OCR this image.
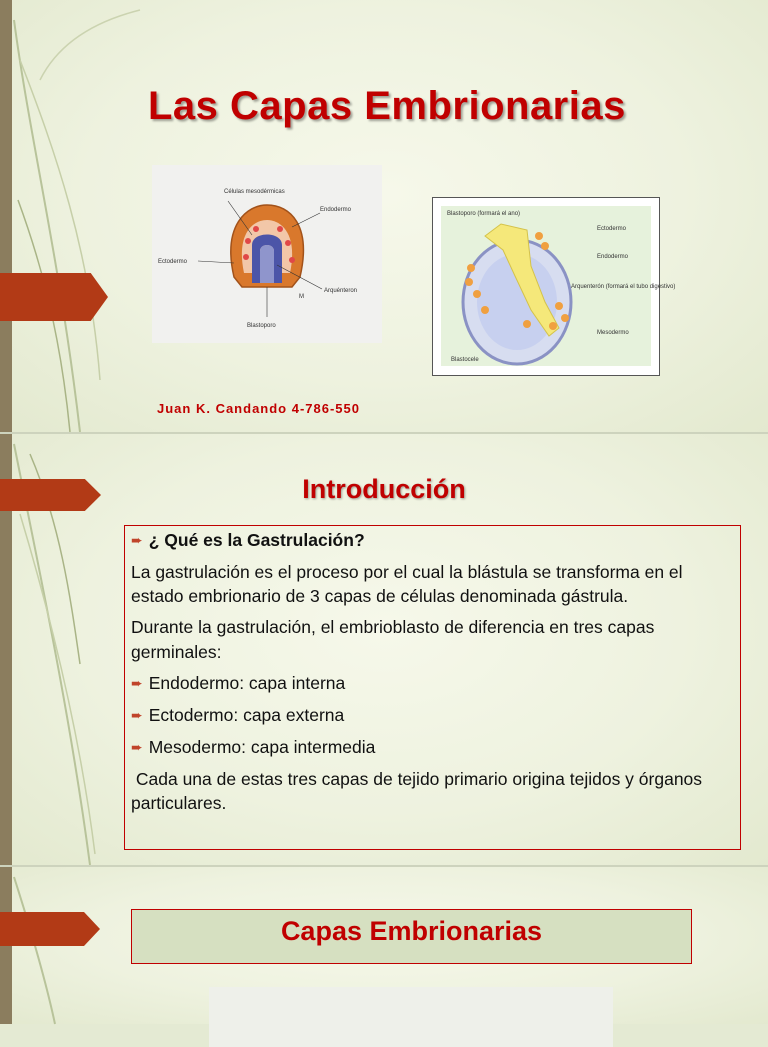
Las Capas Embrionarias
Células mesodérmicas
Endodermo
Ectodermo
Arquénteron
M
Blastoporo
Blastoporo (formará el ano)
Ectodermo
Endodermo
Arquenterón (formará el tubo digestivo)
Mesodermo
Blastocele
Juan K. Candando 4-786-550
Introducción
➨ ¿ Qué es la Gastrulación?

La gastrulación es el proceso por el cual la blástula se transforma en el estado embrionario de 3 capas de células denominada gástrula.

Durante la gastrulación, el embrioblasto de diferencia en tres capas germinales:

➨ Endodermo: capa interna
➨ Ectodermo: capa externa
➨ Mesodermo: capa intermedia

Cada una de estas tres capas de tejido primario origina tejidos y órganos particulares.

Capas Embrionarias
